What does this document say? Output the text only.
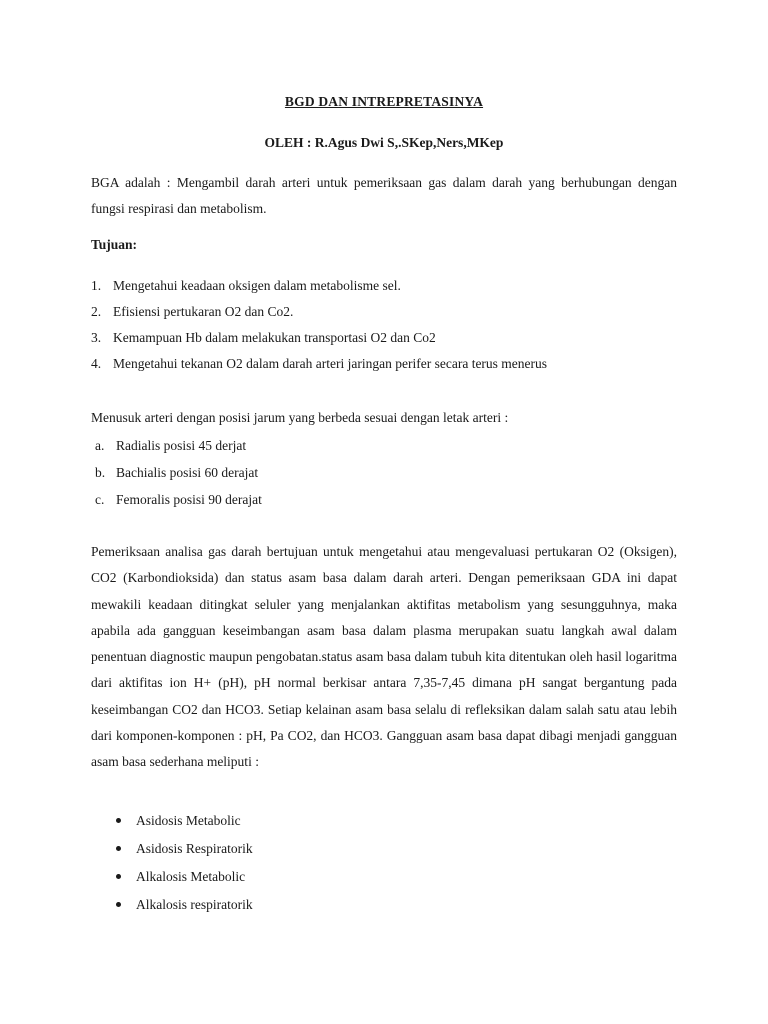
BGD DAN INTREPRETASINYA
OLEH : R.Agus Dwi S,.SKep,Ners,MKep
BGA adalah : Mengambil darah arteri untuk pemeriksaan gas dalam darah yang berhubungan dengan
fungsi respirasi dan metabolism.
Tujuan:
1. Mengetahui keadaan oksigen dalam metabolisme sel.
2. Efisiensi pertukaran O2 dan Co2.
3. Kemampuan Hb dalam melakukan transportasi O2 dan Co2
4. Mengetahui tekanan O2 dalam darah arteri jaringan perifer secara terus menerus
Menusuk arteri dengan posisi jarum yang berbeda sesuai dengan letak arteri :
a. Radialis posisi 45 derjat
b. Bachialis posisi 60 derajat
c. Femoralis posisi 90 derajat
Pemeriksaan analisa gas darah bertujuan untuk mengetahui atau mengevaluasi pertukaran O2 (Oksigen), CO2 (Karbondioksida) dan status asam basa dalam darah arteri. Dengan pemeriksaan GDA ini dapat mewakili keadaan ditingkat seluler yang menjalankan aktifitas metabolism yang sesungguhnya, maka apabila ada gangguan keseimbangan asam basa dalam plasma merupakan suatu langkah awal dalam penentuan diagnostic maupun pengobatan.status asam basa dalam tubuh kita ditentukan oleh hasil logaritma dari aktifitas ion H+ (pH), pH normal berkisar antara 7,35-7,45 dimana pH sangat bergantung pada keseimbangan CO2 dan HCO3. Setiap kelainan asam basa selalu di refleksikan dalam salah satu atau lebih dari komponen-komponen : pH, Pa CO2, dan HCO3. Gangguan asam basa dapat dibagi menjadi gangguan asam basa sederhana meliputi :
Asidosis Metabolic
Asidosis Respiratorik
Alkalosis Metabolic
Alkalosis respiratorik
